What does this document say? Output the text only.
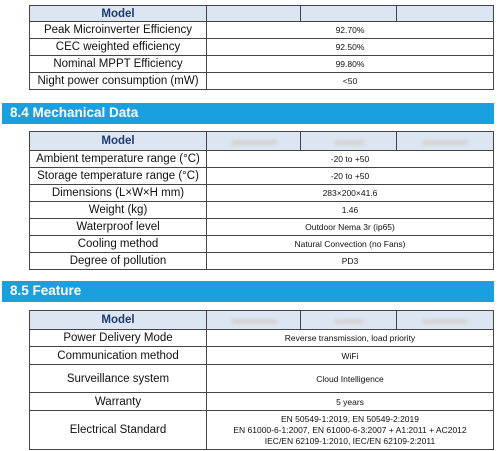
Model			
Peak Microinverter Efficiency	92.70%		
CEC weighted efficiency	92.50%		
Nominal MPPT Efficiency	99.80%		
Night power consumption (mW)	<50		
8.4 Mechanical Data
Model			
Ambient temperature range (°C)	-20 to +50		
Storage temperature range (°C)	-20 to +50		
Dimensions (L×W×H mm)	283×200×41.6		
Weight (kg)	1.46		
Waterproof level	Outdoor Nema 3r (ip65)		
Cooling method	Natural Convection (no Fans)		
Degree of pollution	PD3		
8.5 Feature
Model			
Power Delivery Mode	Reverse transmission, load priority		
Communication method	WiFi		
Surveillance system	Cloud Intelligence		
Warranty	5 years		
Electrical Standard	EN 50549-1:2019, EN 50549-2:2019
EN 61000-6-1:2007, EN 61000-6-3:2007 + A1:2011 + AC2012
IEC/EN 62109-1:2010, IEC/EN 62109-2:2011		
